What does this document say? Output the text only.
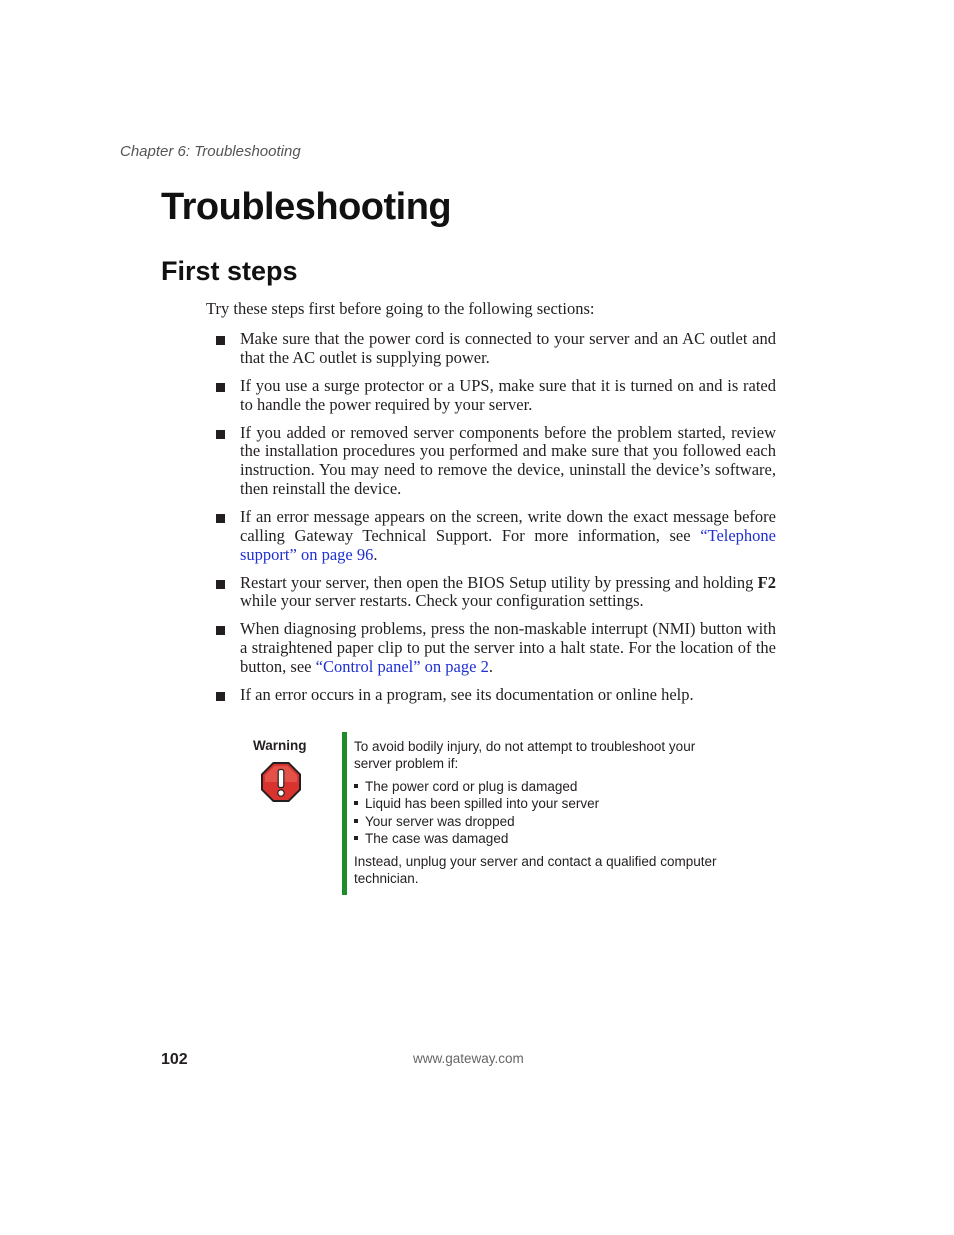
Chapter 6: Troubleshooting
Troubleshooting
First steps
Try these steps first before going to the following sections:
Make sure that the power cord is connected to your server and an AC outlet and that the AC outlet is supplying power.
If you use a surge protector or a UPS, make sure that it is turned on and is rated to handle the power required by your server.
If you added or removed server components before the problem started, review the installation procedures you performed and make sure that you followed each instruction. You may need to remove the device, uninstall the device’s software, then reinstall the device.
If an error message appears on the screen, write down the exact message before calling Gateway Technical Support. For more information, see “Telephone support” on page 96.
Restart your server, then open the BIOS Setup utility by pressing and holding F2 while your server restarts. Check your configuration settings.
When diagnosing problems, press the non-maskable interrupt (NMI) button with a straightened paper clip to put the server into a halt state. For the location of the button, see “Control panel” on page 2.
If an error occurs in a program, see its documentation or online help.
Warning	To avoid bodily injury, do not attempt to troubleshoot your server problem if:

The power cord or plug is damaged
Liquid has been spilled into your server
Your server was dropped
The case was damaged

Instead, unplug your server and contact a qualified computer technician.

102	www.gateway.com
